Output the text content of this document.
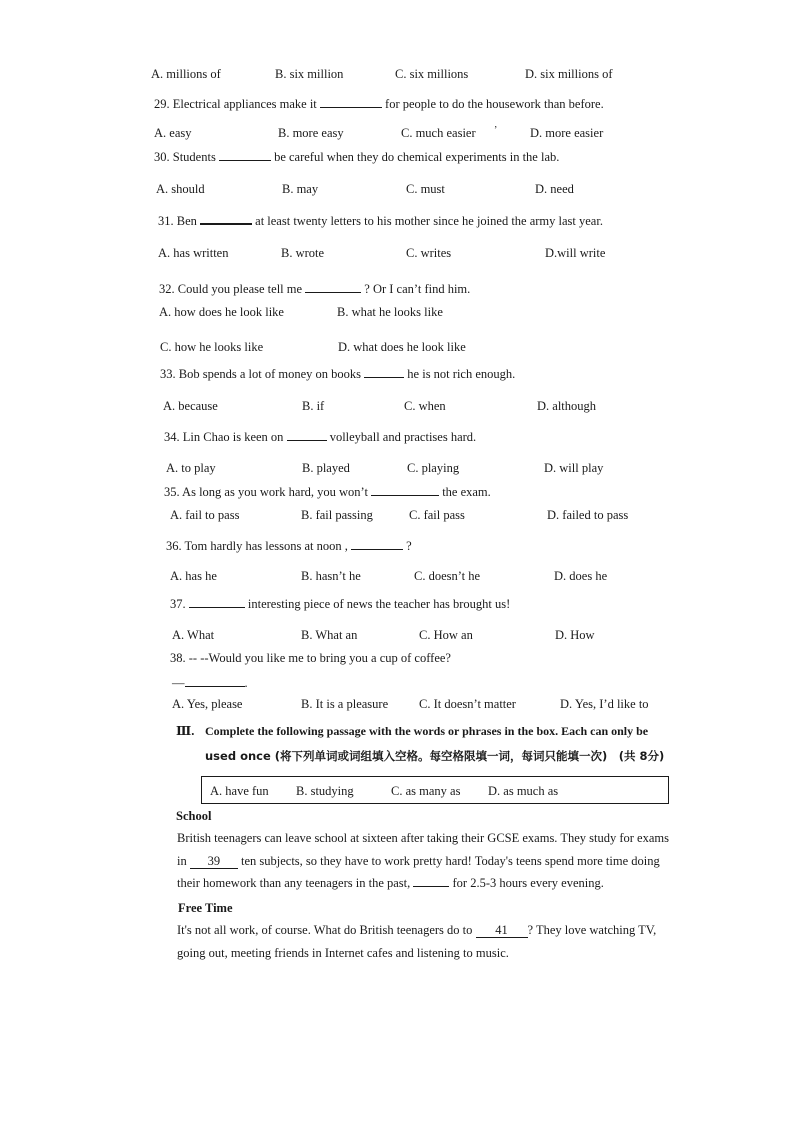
A. millions of	B. six million	C. six millions	D. six millions of
29. Electrical appliances make it	for people to do the housework than before.
A. easy	B. more easy	C. much easier ’	D. more easier
30. Students	be careful when they do chemical experiments in the lab.
A. should	B. may	C. must	D. need
31. Ben	at least twenty letters to his mother since he joined the army last year.
A. has written	B. wrote	C. writes	D.will write
32. Could you please tell me	? Or I can’t find him.
A. how does he look like	B. what he looks like
C. how he looks like	D. what does he look like
33. Bob spends a lot of money on books	he is not rich enough.
A. because	B. if	C. when	D. although
34. Lin Chao is keen on	volleyball and practises hard.
A. to play	B. played	C. playing	D. will play
35. As long as you work hard, you won’t	the exam.
A. fail to pass	B. fail passing	C. fail pass	D. failed to pass
36. Tom hardly has lessons at noon ,	?
A. has he	B. hasn’t he	C. doesn’t he	D. does he
37.	interesting piece of news the teacher has brought us!
A. What	B. What an	C. How an	D. How
38. -- --Would you like me to bring you a cup of coffee?
—	.
A. Yes, please	B. It is a pleasure C. It doesn’t matter	D. Yes, I’d like to
Ⅲ. Complete the following passage with the words or phrases in the box. Each can only be
used once (将下列单词或词组填入空格。每空格限填一词，每词只能填一次)　(共 8分)
A. have fun B. studying	C. as many as D. as much as
School
British teenagers can leave school at sixteen after taking their GCSE exams. They study for exams
in 39 ten subjects, so they have to work pretty hard! Today's teens spend more time doing
their homework than any teenagers in the past,	for 2.5-3 hours every evening.
Free Time
It's not all work, of course. What do British teenagers do to 41 ? They love watching TV,
going out, meeting friends in Internet cafes and listening to music.
